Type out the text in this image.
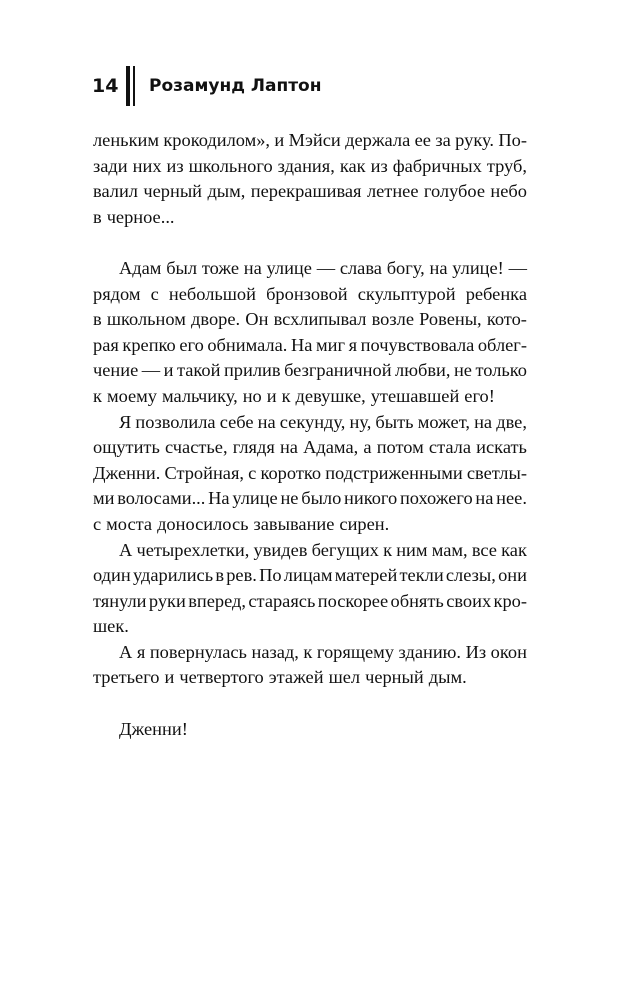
14	Розамунд Лаптон
леньким крокодилом», и Мэйси держала ее за руку. По-
зади них из школьного здания, как из фабричных труб,
валил черный дым, перекрашивая летнее голубое небо
в черное...
Адам был тоже на улице — слава богу, на улице! —
рядом с небольшой бронзовой скульптурой ребенка
в школьном дворе. Он всхлипывал возле Ровены, кото-
рая крепко его обнимала. На миг я почувствовала облег-
чение — и такой прилив безграничной любви, не только
к моему мальчику, но и к девушке, утешавшей его!
Я позволила себе на секунду, ну, быть может, на две,
ощутить счастье, глядя на Адама, а потом стала искать
Дженни. Стройная, с коротко подстриженными светлы-
ми волосами... На улице не было никого похожего на нее.
с моста доносилось завывание сирен.
А четырехлетки, увидев бегущих к ним мам, все как
один ударились в рев. По лицам матерей текли слезы, они
тянули руки вперед, стараясь поскорее обнять своих кро-
шек.
А я повернулась назад, к горящему зданию. Из окон
третьего и четвертого этажей шел черный дым.
Дженни!
